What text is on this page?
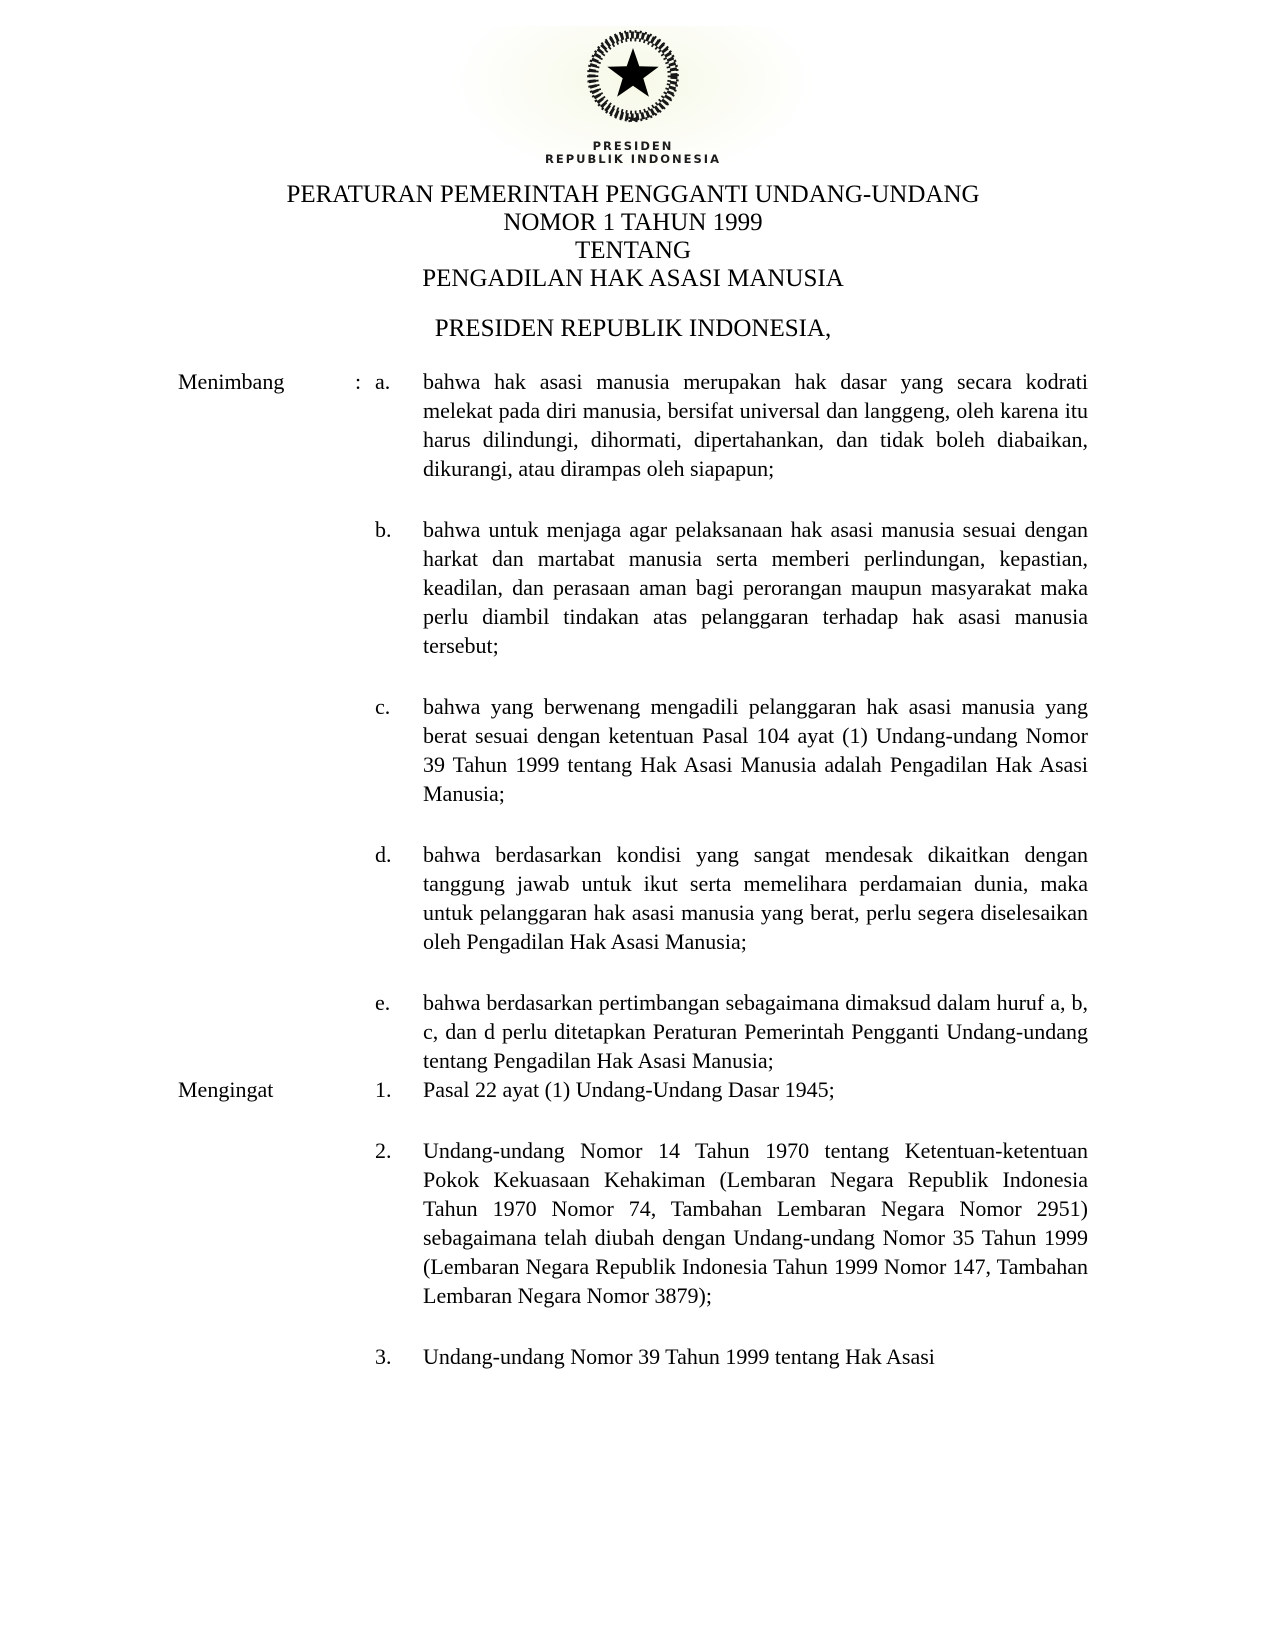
PRESIDEN
REPUBLIK INDONESIA
PERATURAN PEMERINTAH PENGGANTI UNDANG-UNDANG
NOMOR 1 TAHUN 1999
TENTANG
PENGADILAN HAK ASASI MANUSIA
PRESIDEN REPUBLIK INDONESIA,
Menimbang	: a.	bahwa hak asasi manusia merupakan hak dasar yang secara kodrati melekat pada diri manusia, bersifat universal dan langgeng, oleh karena itu harus dilindungi, dihormati, dipertahankan, dan tidak boleh diabaikan, dikurangi, atau dirampas oleh siapapun;

b.	bahwa untuk menjaga agar pelaksanaan hak asasi manusia sesuai dengan harkat dan martabat manusia serta memberi perlindungan, kepastian, keadilan, dan perasaan aman bagi perorangan maupun masyarakat maka perlu diambil tindakan atas pelanggaran terhadap hak asasi manusia tersebut;

c.	bahwa yang berwenang mengadili pelanggaran hak asasi manusia yang berat sesuai dengan ketentuan Pasal 104 ayat (1) Undang-undang Nomor 39 Tahun 1999 tentang Hak Asasi Manusia adalah Pengadilan Hak Asasi Manusia;

d.	bahwa berdasarkan kondisi yang sangat mendesak dikaitkan dengan tanggung jawab untuk ikut serta memelihara perdamaian dunia, maka untuk pelanggaran hak asasi manusia yang berat, perlu segera diselesaikan oleh Pengadilan Hak Asasi Manusia;

e.	bahwa berdasarkan pertimbangan sebagaimana dimaksud dalam huruf a, b, c, dan d perlu ditetapkan Peraturan Pemerintah Pengganti Undang-undang tentang Pengadilan Hak Asasi Manusia;

Mengingat	1.	Pasal 22 ayat (1) Undang-Undang Dasar 1945;

2.	Undang-undang Nomor 14 Tahun 1970 tentang Ketentuan-ketentuan Pokok Kekuasaan Kehakiman (Lembaran Negara Republik Indonesia Tahun 1970 Nomor 74, Tambahan Lembaran Negara Nomor 2951) sebagaimana telah diubah dengan Undang-undang Nomor 35 Tahun 1999 (Lembaran Negara Republik Indonesia Tahun 1999 Nomor 147, Tambahan Lembaran Negara Nomor 3879);

3.	Undang-undang Nomor 39 Tahun 1999 tentang Hak Asasi
